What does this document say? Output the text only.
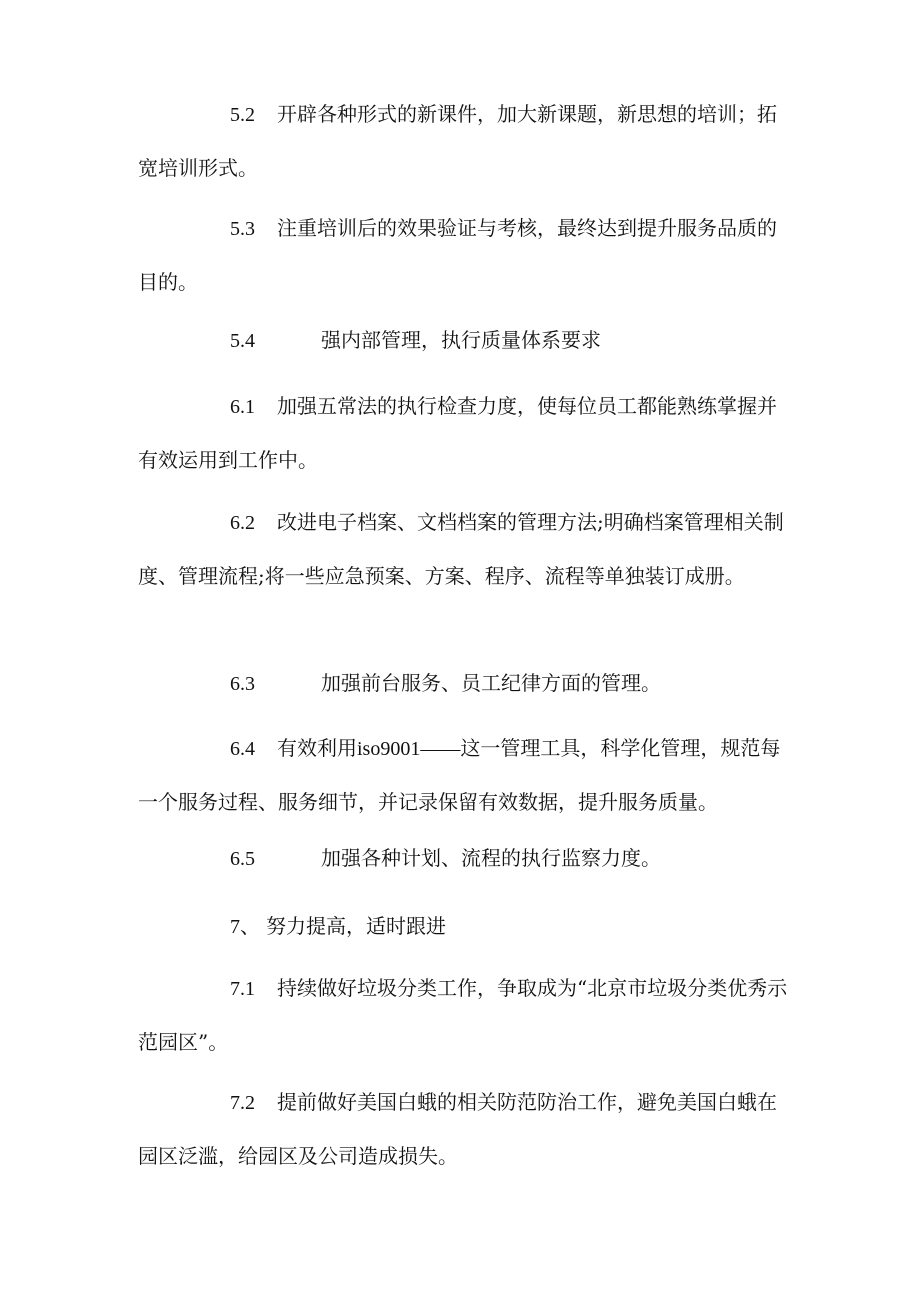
5.2 开辟各种形式的新课件，加大新课题，新思想的培训；拓宽培训形式。

5.3 注重培训后的效果验证与考核，最终达到提升服务品质的目的。

5.4	强内部管理，执行质量体系要求

6.1 加强五常法的执行检查力度，使每位员工都能熟练掌握并有效运用到工作中。

6.2 改进电子档案、文档档案的管理方法;明确档案管理相关制度、管理流程;将一些应急预案、方案、程序、流程等单独装订成册。

6.3	加强前台服务、员工纪律方面的管理。

6.4 有效利用iso9001——这一管理工具，科学化管理，规范每一个服务过程、服务细节，并记录保留有效数据，提升服务质量。

6.5	加强各种计划、流程的执行监察力度。

7、 努力提高，适时跟进

7.1 持续做好垃圾分类工作，争取成为“北京市垃圾分类优秀示范园区”。

7.2 提前做好美国白蛾的相关防范防治工作，避免美国白蛾在园区泛滥，给园区及公司造成损失。
